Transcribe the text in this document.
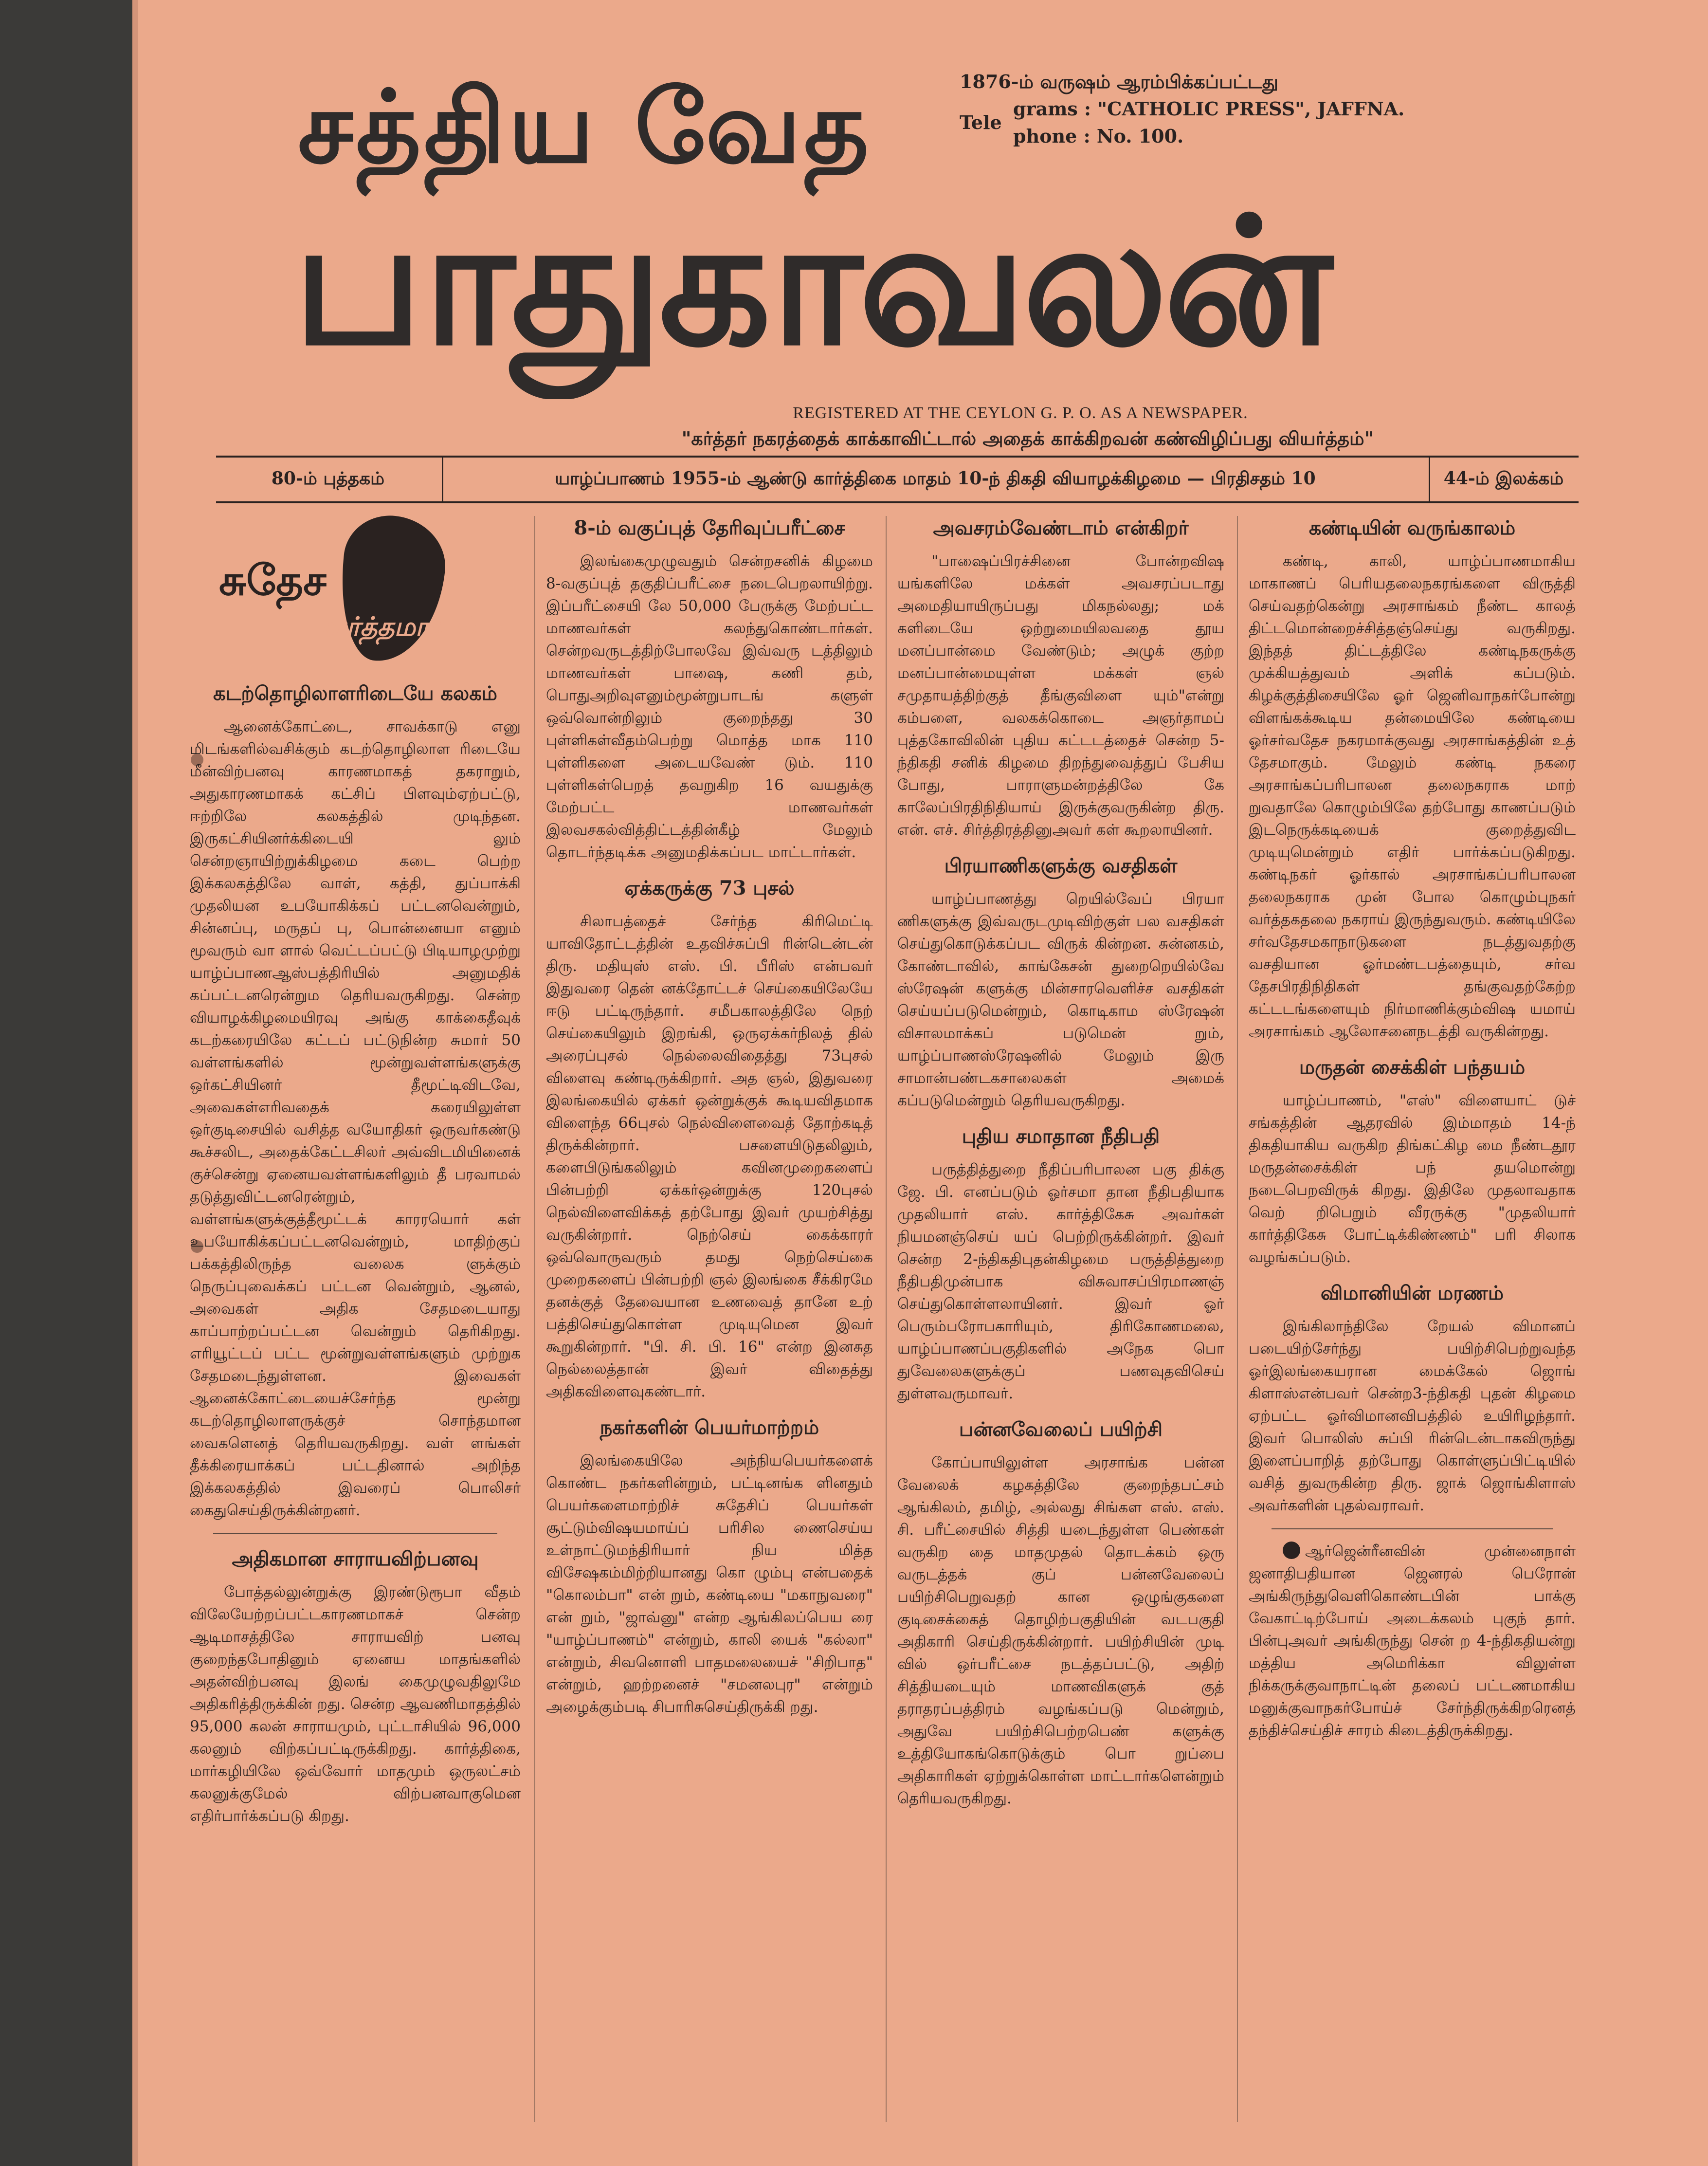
சத்திய வேத
பாதுகாவலன்
1876-ம் வருஷம் ஆரம்பிக்கப்பட்டது
Tele
grams : "CATHOLIC PRESS", JAFFNA.
phone : No. 100.
REGISTERED AT THE CEYLON G. P. O. AS A NEWSPAPER.
"கர்த்தர் நகரத்தைக் காக்காவிட்டால் அதைக் காக்கிறவன் கண்விழிப்பது வியர்த்தம்"
80-ம் புத்தகம்	யாழ்ப்பாணம் 1955-ம் ஆண்டு கார்த்திகை மாதம் 10-ந் திகதி வியாழக்கிழமை — பிரதிசதம் 10	44-ம் இலக்கம்
சுதேச
வர்த்தமானம்
கடற்தொழிலாளரிடையே கலகம்

ஆனைக்கோட்டை, சாவக்காடு எனு மிடங்களில்வசிக்கும் கடற்தொழிலாள ரிடையே மீன்விற்பனவு காரணமாகத் தகராறும், அதுகாரணமாகக் கட்சிப் பிளவும்ஏற்பட்டு, ஈற்றிலே கலகத்தில் முடிந்தன. இருகட்சியினர்க்கிடையி லும் சென்றஞாயிற்றுக்கிழமை கடை பெற்ற இக்கலகத்திலே வாள், கத்தி, துப்பாக்கி முதலியன உபயோகிக்கப் பட்டனவென்றும், சின்னப்பு, மருதப் பு, பொன்னையா எனும் மூவரும் வா ளால் வெட்டப்பட்டு பிடியாழமுற்று யாழ்ப்பாணஆஸ்பத்திரியில் அனுமதிக் கப்பட்டனரென்றும தெரியவருகிறது. சென்ற வியாழக்கிழமையிரவு அங்கு காக்கைதீவுக் கடற்கரையிலே கட்டப் பட்டுநின்ற சுமார் 50 வள்ளங்களில் மூன்றுவள்ளங்களுக்கு ஒர்கட்சியினர் தீமூட்டிவிடவே, அவைகள்எரிவதைக் கரையிலுள்ள ஒர்குடிசையில் வசித்த வயோதிகர் ஒருவர்கண்டு கூச்சலிட, அதைக்கேட்டசிலர் அவ்விடமியினைக் குச்சென்று ஏனையவள்ளங்களிலும் தீ பரவாமல் தடுத்துவிட்டனரென்றும், வள்ளங்களுக்குத்தீமூட்டக் காரரயொர் கள் உபயோகிக்கப்பட்டனவென்றும், மாதிற்குப் பக்கத்திலிருந்த வலைக ளுக்கும் நெருப்புவைக்கப் பட்டன வென்றும், ஆனல், அவைகள் அதிக சேதமடையாது காப்பாற்றப்பட்டன வென்றும் தெரிகிறது. எரியூட்டப் பட்ட மூன்றுவள்ளங்களும் முற்றுக சேதமடைந்துள்ளன. இவைகள் ஆனைக்கோட்டையைச்சேர்ந்த மூன்று கடற்தொழிலாளருக்குச் சொந்தமான வைகளெனத் தெரியவருகிறது. வள் ளங்கள் தீக்கிரையாக்கப் பட்டதினால் அறிந்த இக்கலகத்தில் இவரைப் பொலிசர் கைதுசெய்திருக்கின்றனர்.

அதிகமான சாராயவிற்பனவு

போத்தல்லுன்றுக்கு இரண்டுரூபா வீதம் விலேயேற்றப்பட்டகாரணமாகச் சென்ற ஆடிமாசத்திலே சாராயவிற் பனவு குறைந்தபோதினும் ஏனைய மாதங்களில் அதன்விற்பனவு இலங் கைமுழுவதிலுமே அதிகரித்திருக்கின் றது. சென்ற ஆவணிமாதத்தில் 95,000 கலன் சாராயமும், புட்டாசியில் 96,000 கலனும் விற்கப்பட்டிருக்கிறது. கார்த்திகை, மார்கழியிலே ஒவ்வோர் மாதமும் ஒருலட்சம் கலனுக்குமேல் விற்பனவாகுமென எதிர்பார்க்கப்படு கிறது.

8-ம் வகுப்புத் தேரிவுப்பரீட்சை

இலங்கைமுழுவதும் சென்றசனிக் கிழமை 8-வகுப்புத் தகுதிப்பரீட்சை நடைபெறலாயிற்று. இப்பரீட்சையி லே 50,000 பேருக்கு மேற்பட்ட மாணவர்கள் கலந்துகொண்டார்கள். சென்றவருடத்திற்போலவே இவ்வரு டத்திலும் மாணவர்கள் பாஷை, கணி தம், பொதுஅறிவுஎனும்மூன்றுபாடங் களுள் ஒவ்வொன்றிலும் குறைந்தது 30 புள்ளிகள்வீதம்பெற்று மொத்த மாக 110 புள்ளிகளை அடையவேண் டும். 110 புள்ளிகள்பெறத் தவறுகிற 16 வயதுக்கு மேற்பட்ட மாணவர்கள் இலவசகல்வித்திட்டத்தின்கீழ் மேலும் தொடர்ந்தடிக்க அனுமதிக்கப்பட மாட்டார்கள்.

ஏக்கருக்கு 73 புசல்

சிலாபத்தைச் சேர்ந்த கிரிமெட்டி யாவிதோட்டத்தின் உதவிச்சுப்பி ரின்டென்டன் திரு. மதியுஸ் எஸ். பி. பீரிஸ் என்பவர் இதுவரை தென் னக்தோட்டச் செய்கையிலேயே ஈடு பட்டிருந்தார். சமீபகாலத்திலே நெற் செய்கையிலும் இறங்கி, ஒருஏக்கர்நிலத் தில் அரைப்புசல் நெல்லைவிதைத்து 73புசல் விளைவு கண்டிருக்கிறார். அத ஞல், இதுவரை இலங்கையில் ஏக்கர் ஒன்றுக்குக் கூடியவிதமாக விளைந்த 66புசல் நெல்விளைவைத் தோற்கடித் திருக்கின்றார். பசளையிடுதலிலும், களைபிடுங்கலிலும் கவினமுறைகளைப் பின்பற்றி ஏக்கர்ஒன்றுக்கு 120புசல் நெல்விளைவிக்கத் தற்போது இவர் முயற்சித்து வருகின்றார். நெற்செய் கைக்காரர் ஒவ்வொருவரும் தமது நெற்செய்கை முறைகளைப் பின்பற்றி ஞல் இலங்கை சீக்கிரமே தனக்குத் தேவையான உணவைத் தானே உற் பத்திசெய்துகொள்ள முடியுமென இவர் கூறுகின்றார். "பி. சி. பி. 16" என்ற இனசுத நெல்லைத்தான் இவர் விதைத்து அதிகவிளைவுகண்டார்.

நகர்களின் பெயர்மாற்றம்

இலங்கையிலே அந்நியபெயர்களைக் கொண்ட நகர்களின்றும், பட்டினங்க ளினதும் பெயர்களைமாற்றிச் சுதேசிப் பெயர்கள் சூட்டும்விஷயமாய்ப் பரிசில ணைசெய்ய உள்நாட்டுமந்திரியார் நிய மித்த விசேஷகம்மிற்றியானது கொ ழும்பு என்பதைக் "கொலம்பா" என் றும், கண்டியை "மகாநுவரை" என் றும், "ஜாவ்னு" என்ற ஆங்கிலப்பெய ரை "யாழ்ப்பாணம்" என்றும், காலி யைக் "கல்லா" என்றும், சிவனொளி பாதமலையைச் "சிறிபாத" என்றும், ஹற்றனைச் "சமனலபுர" என்றும் அழைக்கும்படி சிபாரிசுசெய்திருக்கி றது.

அவசரம்வேண்டாம் என்கிறர்

"பாஷைப்பிரச்சினை போன்றவிஷ யங்களிலே மக்கள் அவசரப்படாது அமைதியாயிருப்பது மிகநல்லது; மக் களிடையே ஒற்றுமையிலவதை தூய மனப்பான்மை வேண்டும்; அழுக் குற்ற மனப்பான்மையுள்ள மக்கள் ஞல் சமுதாயத்திற்குத் தீங்குவிளை யும்"என்று கம்பளை, வலகக்கொடை அஞர்தாமப் புத்தகோவிலின் புதிய கட்டடத்தைச் சென்ற 5-ந்திகதி சனிக் கிழமை திறந்துவைத்துப் பேசிய போது, பாராளுமன்றத்திலே கே காலேப்பிரதிநிதியாய் இருக்குவருகின்ற திரு. என். எச். சிர்த்திரத்தினுஅவர் கள் கூறலாயினர்.

பிரயாணிகளுக்கு வசதிகள்

யாழ்ப்பாணத்து றெயில்வேப் பிரயா ணிகளுக்கு இவ்வருடமுடிவிற்குள் பல வசதிகள் செய்துகொடுக்கப்பட விருக் கின்றன. சுன்னகம், கோண்டாவில், காங்கேசன் துறைறெயில்வே ஸ்ரேஷன் களுக்கு மின்சாரவெளிச்ச வசதிகள் செய்யப்படுமென்றும், கொடிகாம ஸ்ரேஷன் விசாலமாக்கப் படுமென் றும், யாழ்ப்பாணஸ்ரேஷனில் மேலும் இரு சாமான்பண்டகசாலைகள் அமைக் கப்படுமென்றும் தெரியவருகிறது.

புதிய சமாதான நீதிபதி

பருத்தித்துறை நீதிப்பரிபாலன பகு திக்கு ஜே. பி. எனப்படும் ஓர்சமா தான நீதிபதியாக முதலியார் எஸ். கார்த்திகேசு அவர்கள் நியமனஞ்செய் யப் பெற்றிருக்கின்றர். இவர் சென்ற 2-ந்திகதிபுதன்கிழமை பருத்தித்துறை நீதிபதிமுன்பாக விசுவாசப்பிரமாணஞ் செய்துகொள்ளலாயினர். இவர் ஓர் பெரும்பரோபகாரியும், திரிகோணமலை, யாழ்ப்பாணப்பகுதிகளில் அநேக பொ துவேலைகளுக்குப் பணவுதவிசெய் துள்ளவருமாவர்.

பன்னவேலைப் பயிற்சி

கோப்பாயிலுள்ள அரசாங்க பன்ன வேலைக் கழகத்திலே குறைந்தபட்சம் ஆங்கிலம், தமிழ், அல்லது சிங்கள எஸ். எஸ். சி. பரீட்சையில் சித்தி யடைந்துள்ள பெண்கள் வருகிற தை மாதமுதல் தொடக்கம் ஒரு வருடத்தக் குப் பன்னவேலைப் பயிற்சிபெறுவதற் கான ஒழுங்குகளை குடிசைக்கைத் தொழிற்பகுதியின் வடபகுதி அதிகாரி செய்திருக்கின்றார். பயிற்சியின் முடி வில் ஒர்பரீட்சை நடத்தப்பட்டு, அதிற் சித்தியடையும் மாணவிகளுக் குத் தராதரப்பத்திரம் வழங்கப்படு மென்றும், அதுவே பயிற்சிபெற்றபெண் களுக்கு உத்தியோகங்கொடுக்கும் பொ றுப்பை அதிகாரிகள் ஏற்றுக்கொள்ள மாட்டார்களென்றும் தெரியவருகிறது.

கண்டியின் வருங்காலம்

கண்டி, காலி, யாழ்ப்பாணமாகிய மாகாணப் பெரியதலைநகரங்களை விருத்தி செய்வதற்கென்று அரசாங்கம் நீண்ட காலத் திட்டமொன்றைச்சித்தஞ்செய்து வருகிறது. இந்தத் திட்டத்திலே கண்டிநகருக்கு முக்கியத்துவம் அளிக் கப்படும். கிழக்குத்திசையிலே ஓர் ஜெனிவாநகர்போன்று விளங்கக்கூடிய தன்மையிலே கண்டியை ஓர்சர்வதேச நகரமாக்குவது அரசாங்கத்தின் உத் தேசமாகும். மேலும் கண்டி நகரை அரசாங்கப்பரிபாலன தலைநகராக மாற் றுவதாலே கொழும்பிலே தற்போது காணப்படும் இடநெருக்கடியைக் குறைத்துவிட முடியுமென்றும் எதிர் பார்க்கப்படுகிறது. கண்டிநகர் ஓர்கால் அரசாங்கப்பரிபாலன தலைநகராக முன் போல கொழும்புநகர் வர்த்தகதலை நகராய் இருந்துவரும். கண்டியிலே சர்வதேசமகாநாடுகளை நடத்துவதற்கு வசதியான ஓர்மண்டபத்தையும், சர்வ தேசபிரதிநிதிகள் தங்குவதற்கேற்ற கட்டடங்களையும் நிர்மாணிக்கும்விஷ யமாய் அரசாங்கம் ஆலோசனைநடத்தி வருகின்றது.

மருதன் சைக்கிள் பந்தயம்

யாழ்ப்பாணம், "எஸ்" விளையாட் டுச் சங்கத்தின் ஆதரவில் இம்மாதம் 14-ந் திகதியாகிய வருகிற திங்கட்கிழ மை நீண்டதூர மருதன்சைக்கிள் பந் தயமொன்று நடைபெறவிருக் கிறது. இதிலே முதலாவதாக வெற் றிபெறும் வீரருக்கு "முதலியார் கார்த்திகேசு போட்டிக்கிண்ணம்" பரி சிலாக வழங்கப்படும்.

விமானியின் மரணம்

இங்கிலாந்திலே றேயல் விமானப் படையிற்சேர்ந்து பயிற்சிபெற்றுவந்த ஓர்இலங்கையரான மைக்கேல் ஜொங் கிளாஸ்என்பவர் சென்ற3-ந்திகதி புதன் கிழமை ஏற்பட்ட ஓர்விமானவிபத்தில் உயிரிழந்தார். இவர் பொலிஸ் சுப்பி ரின்டென்டாகவிருந்து இளைப்பாறித் தற்போது கொள்ளுப்பிட்டியில் வசித் துவருகின்ற திரு. ஜாக் ஜொங்கிளாஸ் அவர்களின் புதல்வராவர்.

ஆர்ஜென்ரீனவின் முன்னைநாள் ஜனாதிபதியான ஜெனரல் பெரோன் அங்கிருந்துவெளிகொண்டபின் பாக்கு வேகாட்டிற்போய் அடைக்கலம் புகுந் தார். பின்புஅவர் அங்கிருந்து சென் ற 4-ந்திகதியன்று மத்திய அமெரிக்கா விலுள்ள நிக்கருக்குவாநாட்டின் தலைப் பட்டணமாகிய மனுக்குவாநகர்போய்ச் சேர்ந்திருக்கிறரெனத் தந்திச்செய்திச் சாரம் கிடைத்திருக்கிறது.
